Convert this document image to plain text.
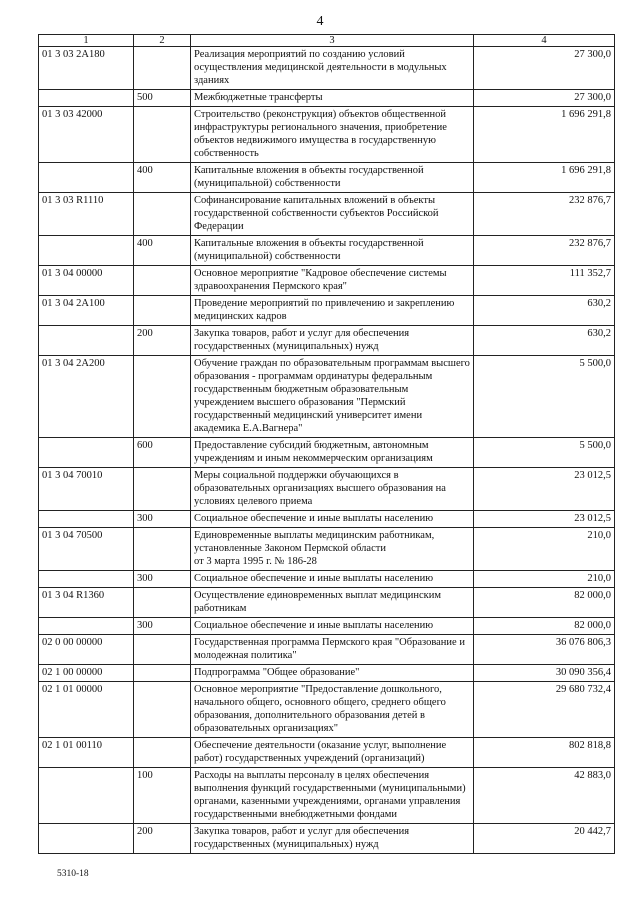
4
1	2	3	4
01 3 03 2А180		Реализация мероприятий по созданию условий осуществления медицинской деятельности в модульных зданиях	27 300,0
	500	Межбюджетные трансферты	27 300,0
01 3 03 42000		Строительство (реконструкция) объектов общественной инфраструктуры регионального значения, приобретение объектов недвижимого имущества в государственную собственность	1 696 291,8
	400	Капитальные вложения в объекты государственной (муниципальной) собственности	1 696 291,8
01 3 03 R1110		Софинансирование капитальных вложений в объекты государственной собственности субъектов Российской Федерации	232 876,7
	400	Капитальные вложения в объекты государственной (муниципальной) собственности	232 876,7
01 3 04 00000		Основное мероприятие "Кадровое обеспечение системы здравоохранения Пермского края"	111 352,7
01 3 04 2А100		Проведение мероприятий по привлечению и закреплению медицинских кадров	630,2
	200	Закупка товаров, работ и услуг для обеспечения государственных (муниципальных) нужд	630,2
01 3 04 2А200		Обучение граждан по образовательным программам высшего образования - программам ординатуры федеральным государственным бюджетным образовательным учреждением высшего образования "Пермский государственный медицинский университет имени академика Е.А.Вагнера"	5 500,0
	600	Предоставление субсидий бюджетным, автономным учреждениям и иным некоммерческим организациям	5 500,0
01 3 04 70010		Меры социальной поддержки обучающихся в образовательных организациях высшего образования на условиях целевого приема	23 012,5
	300	Социальное обеспечение и иные выплаты населению	23 012,5
01 3 04 70500		Единовременные выплаты медицинским работникам, установленные Законом Пермской области
от 3 марта 1995 г. № 186-28	210,0
	300	Социальное обеспечение и иные выплаты населению	210,0
01 3 04 R1360		Осуществление единовременных выплат медицинским работникам	82 000,0
	300	Социальное обеспечение и иные выплаты населению	82 000,0
02 0 00 00000		Государственная программа Пермского края "Образование и молодежная политика"	36 076 806,3
02 1 00 00000		Подпрограмма "Общее образование"	30 090 356,4
02 1 01 00000		Основное мероприятие "Предоставление дошкольного, начального общего, основного общего, среднего общего образования, дополнительного образования детей в образовательных организациях"	29 680 732,4
02 1 01 00110		Обеспечение деятельности (оказание услуг, выполнение работ) государственных учреждений (организаций)	802 818,8
	100	Расходы на выплаты персоналу в целях обеспечения выполнения функций государственными (муниципальными) органами, казенными учреждениями, органами управления государственными внебюджетными фондами	42 883,0
	200	Закупка товаров, работ и услуг для обеспечения государственных (муниципальных) нужд	20 442,7
5310-18
